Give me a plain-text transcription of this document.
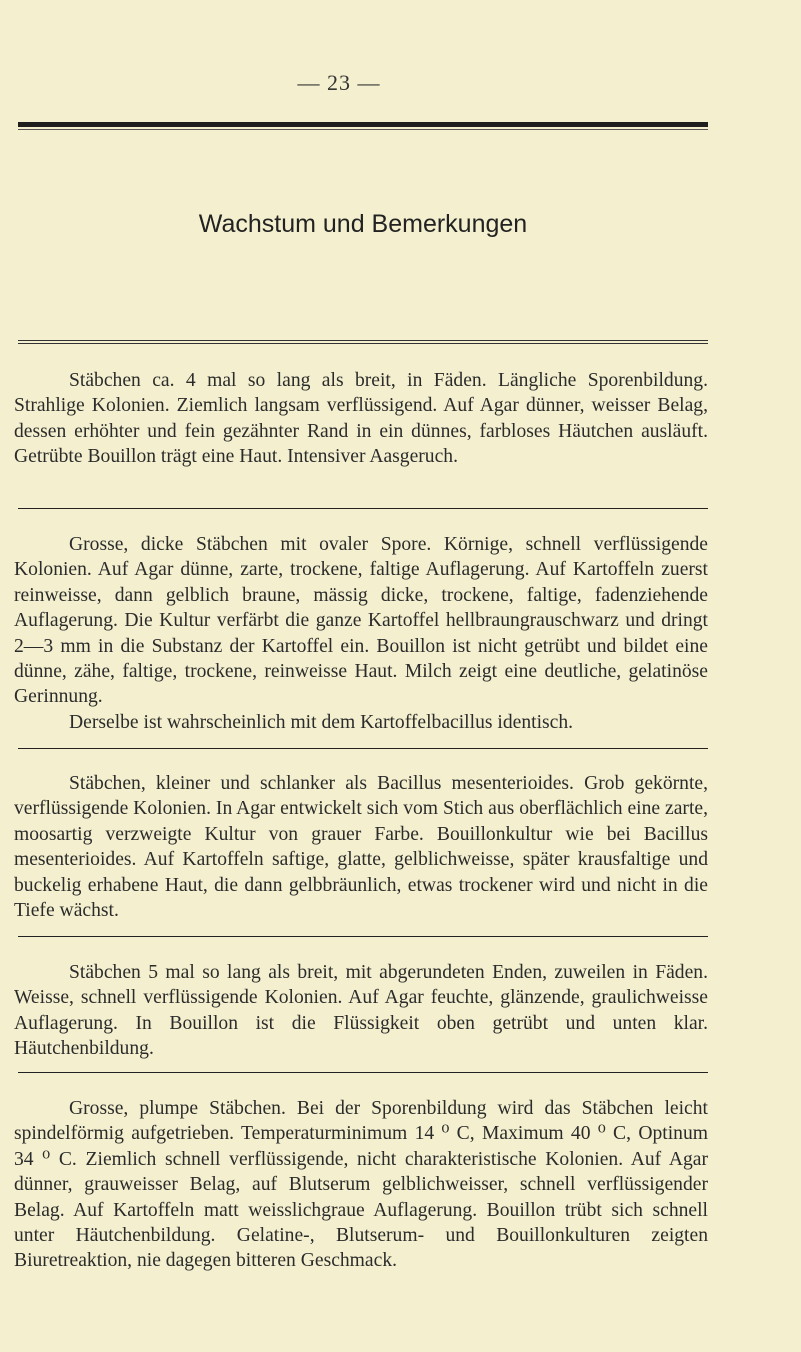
— 23 —
Wachstum und Bemerkungen

Stäbchen ca. 4 mal so lang als breit, in Fäden. Längliche Sporenbildung. Strahlige Kolonien. Ziemlich langsam verflüssigend. Auf Agar dünner, weisser Belag, dessen erhöhter und fein gezähnter Rand in ein dünnes, farbloses Häutchen ausläuft. Getrübte Bouillon trägt eine Haut. Intensiver Aasgeruch.

Grosse, dicke Stäbchen mit ovaler Spore. Körnige, schnell verflüssigende Kolonien. Auf Agar dünne, zarte, trockene, faltige Auflagerung. Auf Kartoffeln zuerst reinweisse, dann gelblich braune, mässig dicke, trockene, faltige, fadenziehende Auflagerung. Die Kultur verfärbt die ganze Kartoffel hellbraungrauschwarz und dringt 2—3 mm in die Substanz der Kartoffel ein. Bouillon ist nicht getrübt und bildet eine dünne, zähe, faltige, trockene, reinweisse Haut. Milch zeigt eine deutliche, gelatinöse Gerinnung.

Derselbe ist wahrscheinlich mit dem Kartoffelbacillus identisch.

Stäbchen, kleiner und schlanker als Bacillus mesenterioides. Grob gekörnte, verflüssigende Kolonien. In Agar entwickelt sich vom Stich aus oberflächlich eine zarte, moosartig verzweigte Kultur von grauer Farbe. Bouillonkultur wie bei Bacillus mesenterioides. Auf Kartoffeln saftige, glatte, gelblichweisse, später krausfaltige und buckelig erhabene Haut, die dann gelbbräunlich, etwas trockener wird und nicht in die Tiefe wächst.

Stäbchen 5 mal so lang als breit, mit abgerundeten Enden, zuweilen in Fäden. Weisse, schnell verflüssigende Kolonien. Auf Agar feuchte, glänzende, graulichweisse Auflagerung. In Bouillon ist die Flüssigkeit oben getrübt und unten klar. Häutchenbildung.

Grosse, plumpe Stäbchen. Bei der Sporenbildung wird das Stäbchen leicht spindelförmig aufgetrieben. Temperaturminimum 14 ⁰ C, Maximum 40 ⁰ C, Optinum 34 ⁰ C. Ziemlich schnell verflüssigende, nicht charakteristische Kolonien. Auf Agar dünner, grauweisser Belag, auf Blutserum gelblichweisser, schnell verflüssigender Belag. Auf Kartoffeln matt weisslichgraue Auflagerung. Bouillon trübt sich schnell unter Häutchenbildung. Gelatine-, Blutserum- und Bouillonkulturen zeigten Biuretreaktion, nie dagegen bitteren Geschmack.
